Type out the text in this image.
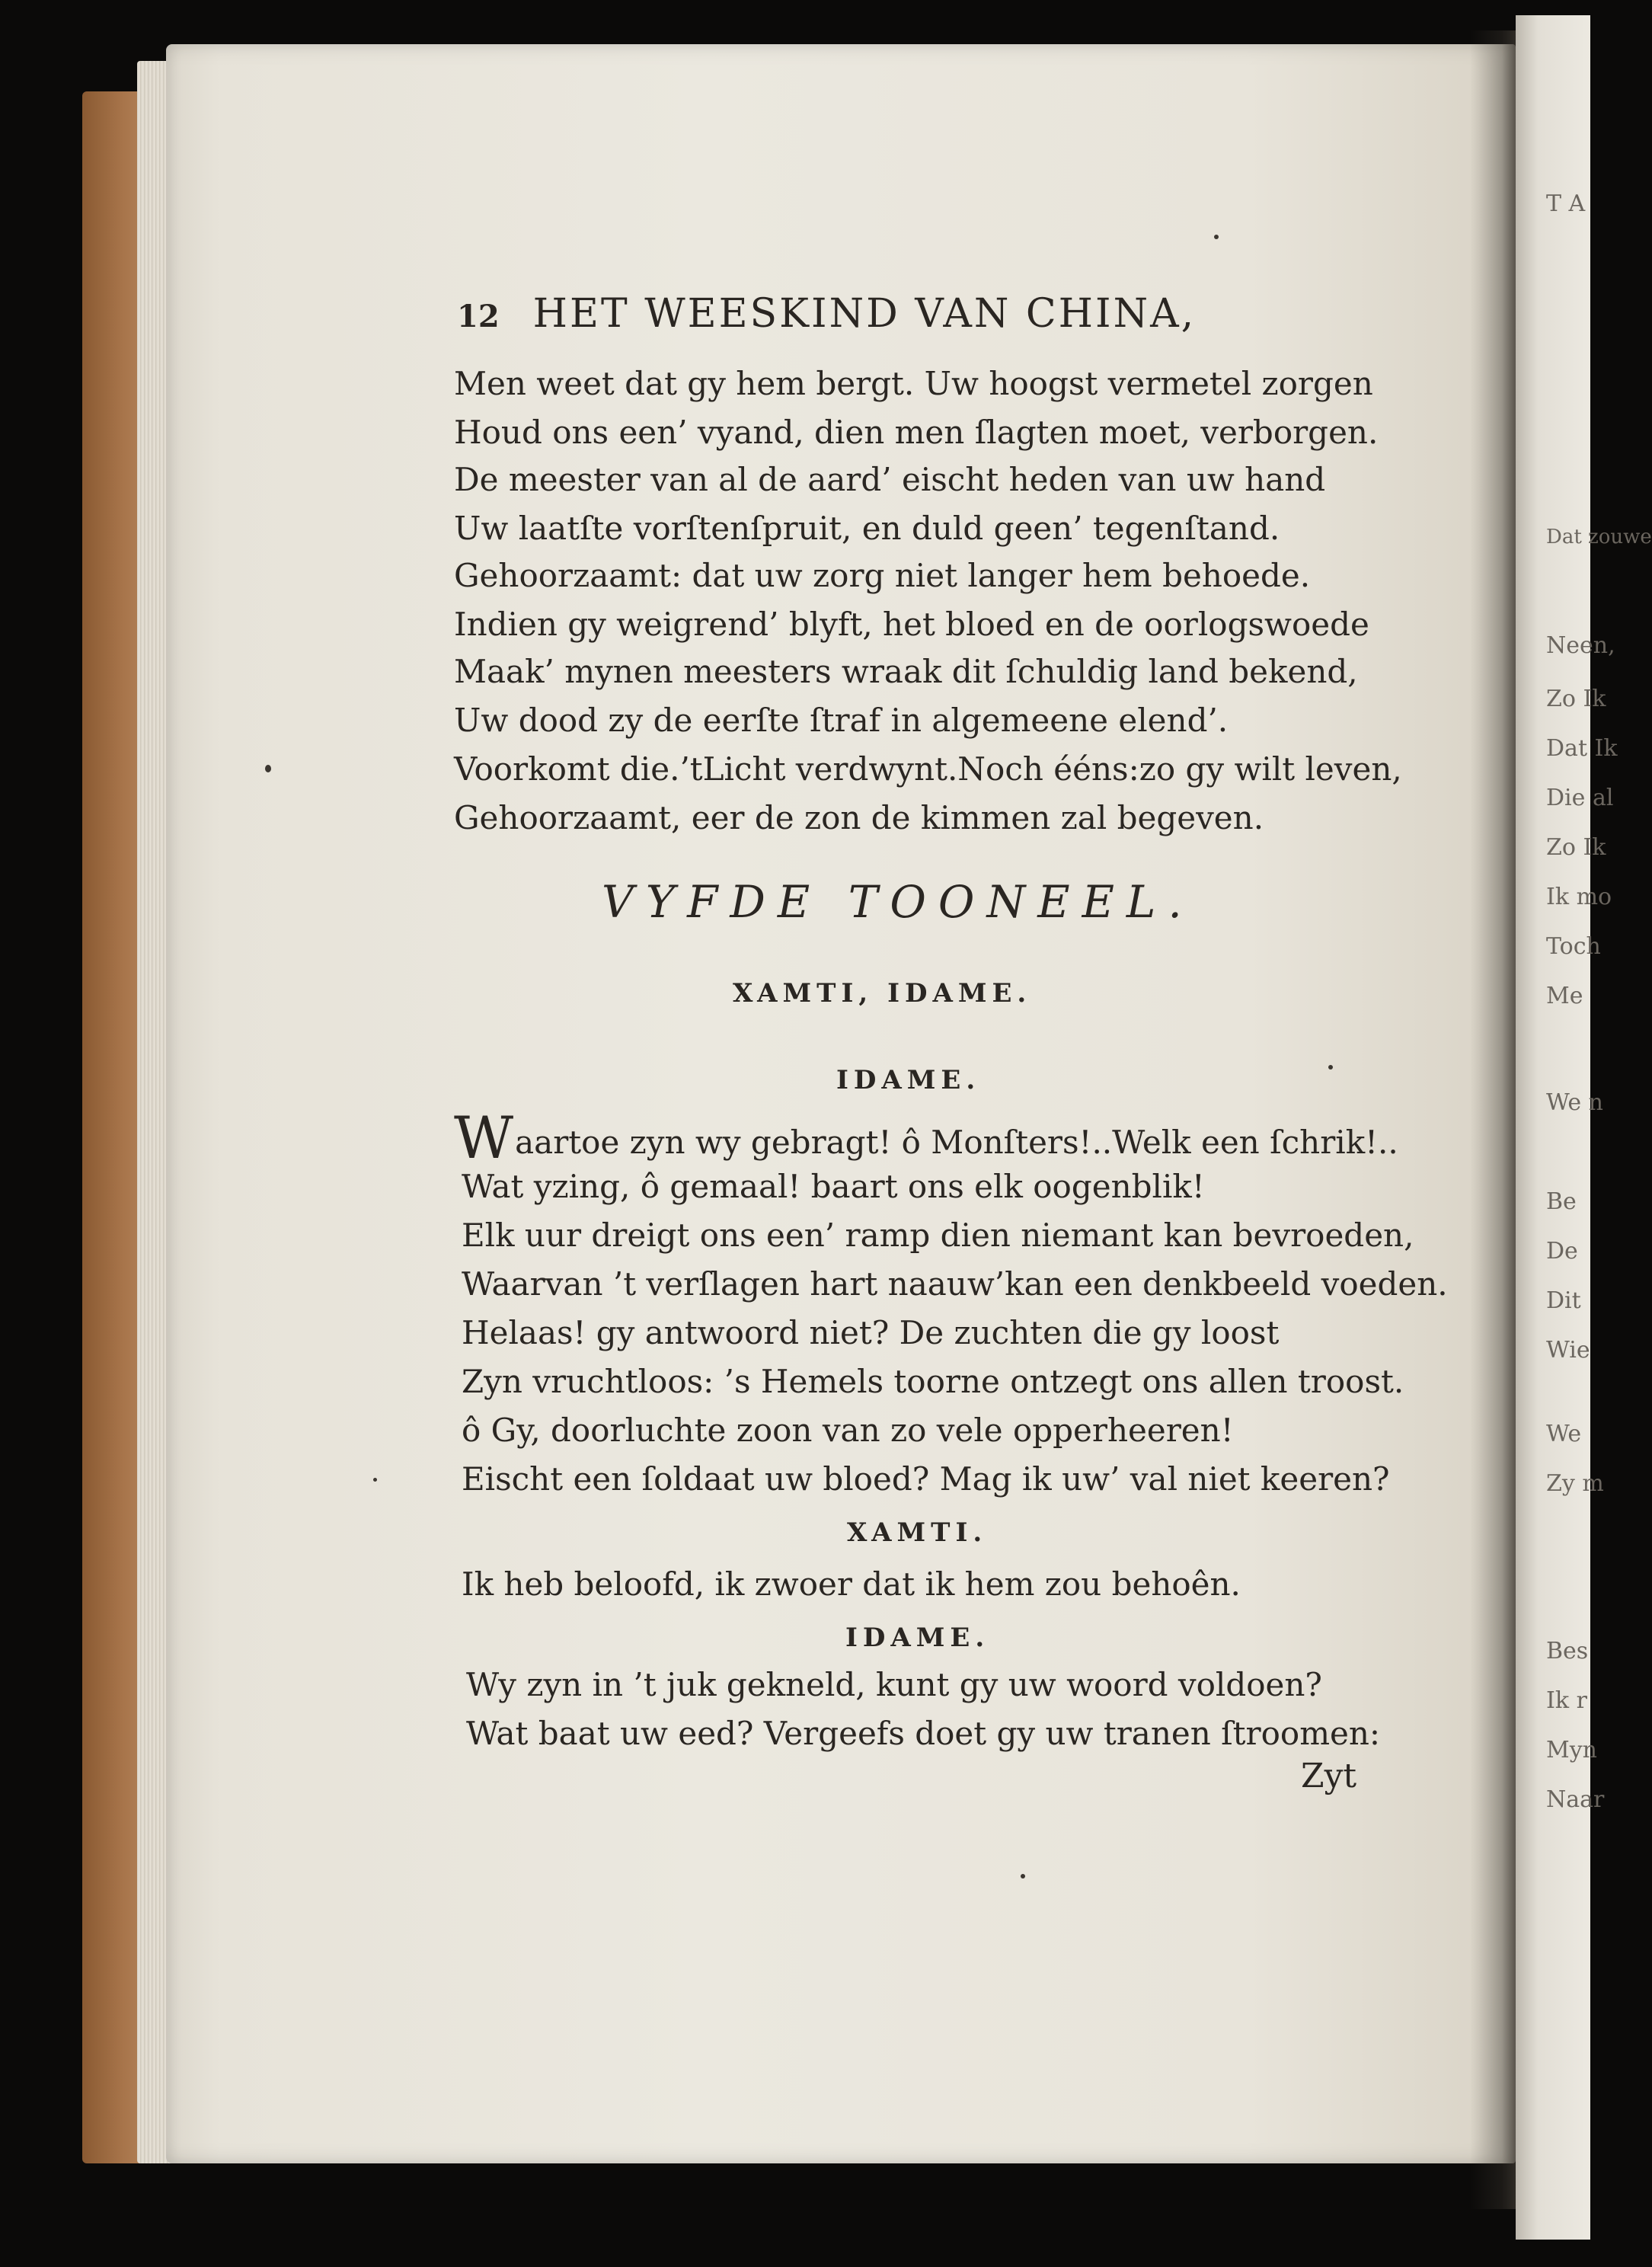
T A
Dat zouwe
Neen,
Zo Ik
Dat Ik
Die al
Zo Ik
Ik mo
Toch
Me
We n
Be
De
Dit
Wie
We
Zy m
Bes
Ik r
Myn
Naar
12 HET WEESKIND VAN CHINA,
Men weet dat gy hem bergt. Uw hoogst vermetel zorgen
Houd ons een’ vyand, dien men ſlagten moet, verborgen.
De meester van al de aard’ eischt heden van uw hand
Uw laatſte vorſtenſpruit, en duld geen’ tegenſtand.
Gehoorzaamt: dat uw zorg niet langer hem behoede.
Indien gy weigrend’ blyft, het bloed en de oorlogswoede
Maak’ mynen meesters wraak dit ſchuldig land bekend,
Uw dood zy de eerſte ſtraf in algemeene elend’.
Voorkomt die.’tLicht verdwynt.Noch ééns:zo gy wilt leven,
Gehoorzaamt, eer de zon de kimmen zal begeven.
VYFDE TOONEEL.
XAMTI, IDAME.
IDAME.
Waartoe zyn wy gebragt! ô Monſters!..Welk een ſchrik!..
Wat yzing, ô gemaal! baart ons elk oogenblik!
Elk uur dreigt ons een’ ramp dien niemant kan bevroeden,
Waarvan ’t verſlagen hart naauw’kan een denkbeeld voeden.
Helaas! gy antwoord niet? De zuchten die gy loost
Zyn vruchtloos: ’s Hemels toorne ontzegt ons allen troost.
ô Gy, doorluchte zoon van zo vele opperheeren!
Eischt een ſoldaat uw bloed? Mag ik uw’ val niet keeren?
XAMTI.
Ik heb beloofd, ik zwoer dat ik hem zou behoên.
IDAME.
Wy zyn in ’t juk gekneld, kunt gy uw woord voldoen?
Wat baat uw eed? Vergeefs doet gy uw tranen ſtroomen:
Zyt
